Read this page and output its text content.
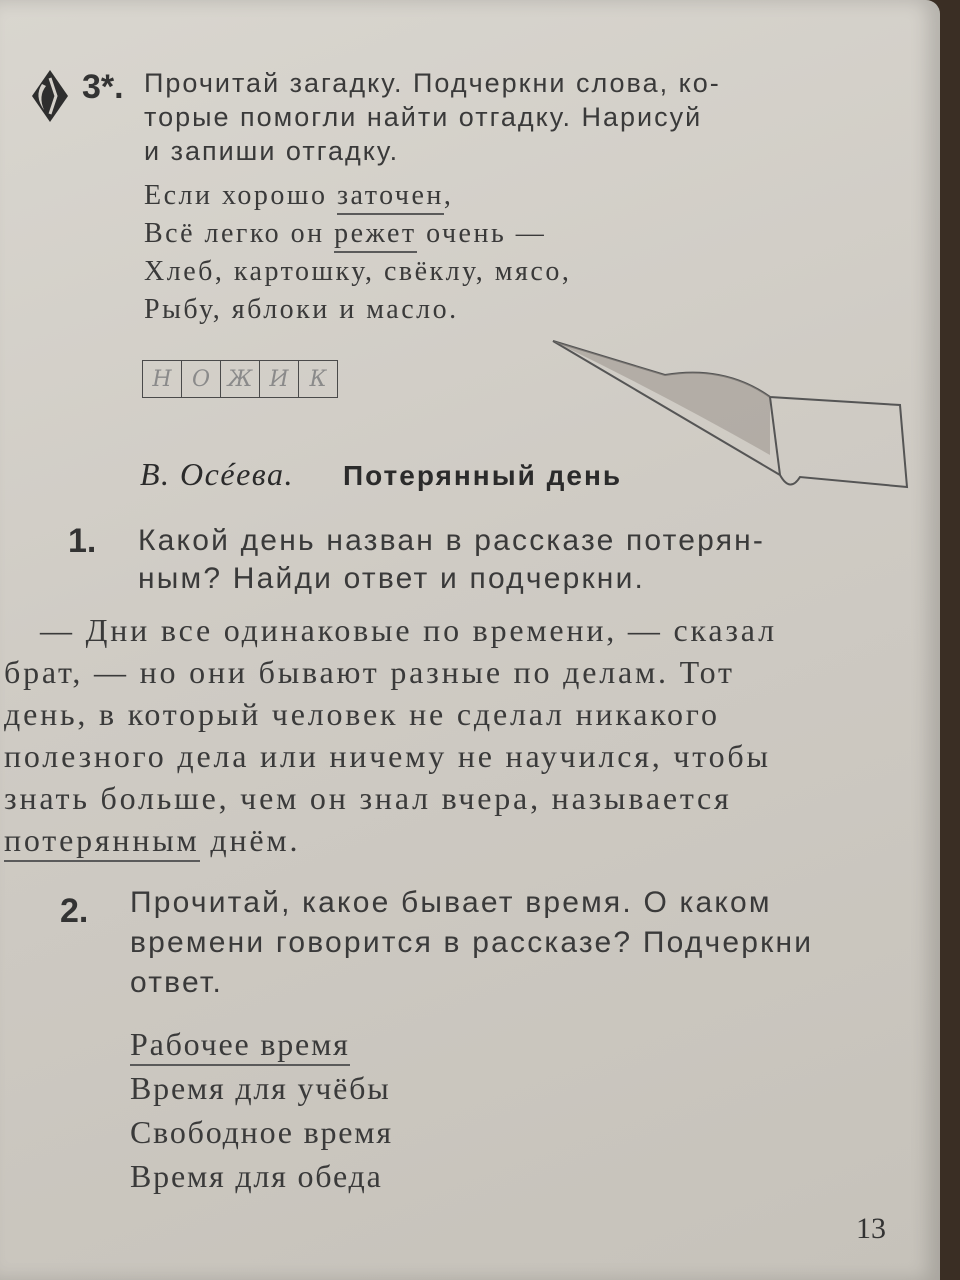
3*. Прочитай загадку. Подчеркни слова, ко-
торые помогли найти отгадку. Нарисуй
и запиши отгадку.
Если хорошо заточен,
Всё легко он режет очень —
Хлеб, картошку, свёклу, мясо,
Рыбу, яблоки и масло.
Н О Ж И К
В. Осéева. Потерянный день
1. Какой день назван в рассказе потерян-
ным? Найди ответ и подчеркни.
— Дни все одинаковые по времени, — сказал
брат, — но они бывают разные по делам. Тот
день, в который человек не сделал никакого
полезного дела или ничему не научился, чтобы
знать больше, чем он знал вчера, называется
потерянным днём.
2. Прочитай, какое бывает время. О каком
времени говорится в рассказе? Подчеркни
ответ.
Рабочее время
Время для учёбы
Свободное время
Время для обеда
13
